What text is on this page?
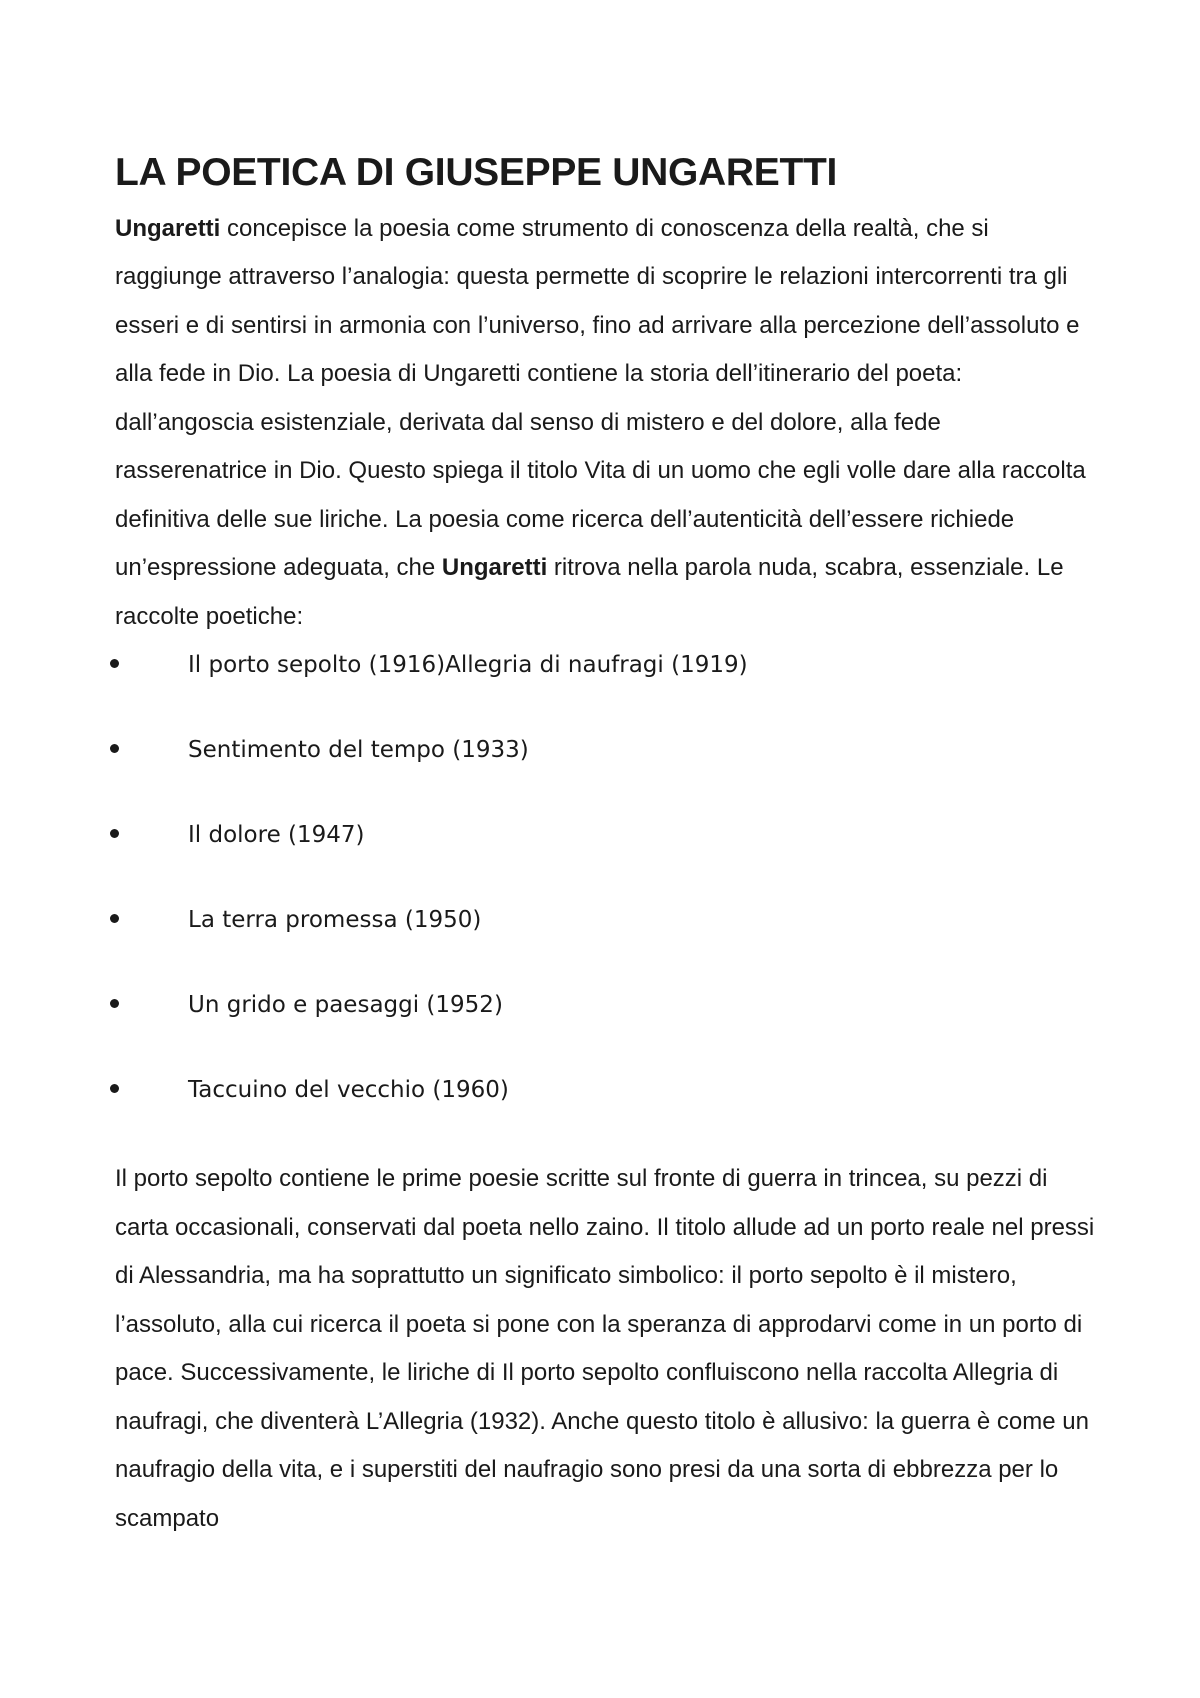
LA POETICA DI GIUSEPPE UNGARETTI

Ungaretti concepisce la poesia come strumento di conoscenza della realtà, che si raggiunge attraverso l’analogia: questa permette di scoprire le relazioni intercorrenti tra gli esseri e di sentirsi in armonia con l’universo, fino ad arrivare alla percezione dell’assoluto e alla fede in Dio. La poesia di Ungaretti contiene la storia dell’itinerario del poeta: dall’angoscia esistenziale, derivata dal senso di mistero e del dolore, alla fede rasserenatrice in Dio. Questo spiega il titolo Vita di un uomo che egli volle dare alla raccolta definitiva delle sue liriche. La poesia come ricerca dell’autenticità dell’essere richiede un’espressione adeguata, che Ungaretti ritrova nella parola nuda, scabra, essenziale. Le raccolte poetiche:

Il porto sepolto (1916)Allegria di naufragi (1919)
Sentimento del tempo (1933)
Il dolore (1947)
La terra promessa (1950)
Un grido e paesaggi (1952)
Taccuino del vecchio (1960)

Il porto sepolto contiene le prime poesie scritte sul fronte di guerra in trincea, su pezzi di carta occasionali, conservati dal poeta nello zaino. Il titolo allude ad un porto reale nel pressi di Alessandria, ma ha soprattutto un significato simbolico: il porto sepolto è il mistero, l’assoluto, alla cui ricerca il poeta si pone con la speranza di approdarvi come in un porto di pace. Successivamente, le liriche di Il porto sepolto confluiscono nella raccolta Allegria di naufragi, che diventerà L’Allegria (1932). Anche questo titolo è allusivo: la guerra è come un naufragio della vita, e i superstiti del naufragio sono presi da una sorta di ebbrezza per lo scampato
